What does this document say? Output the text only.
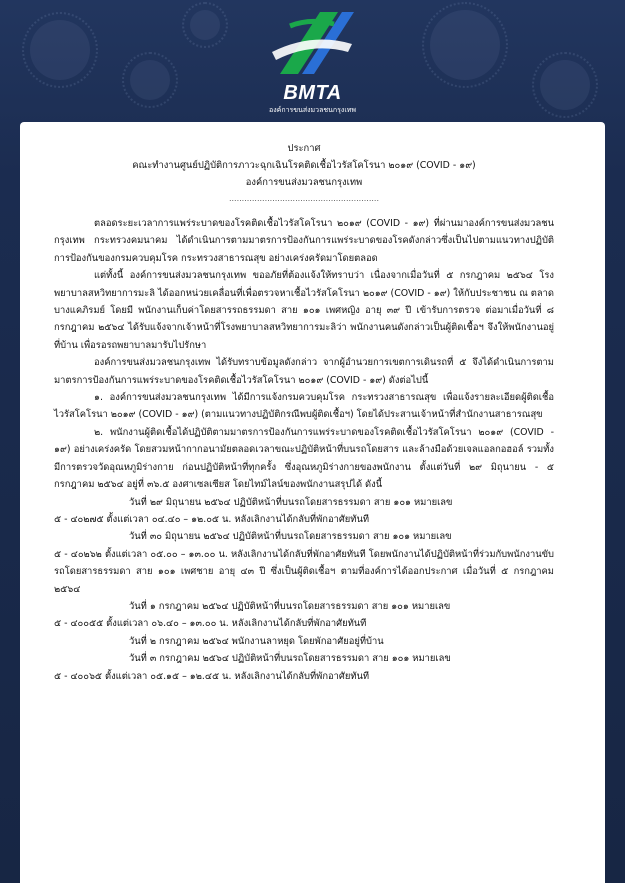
BMTA
องค์การขนส่งมวลชนกรุงเทพ
ประกาศ
คณะทำงานศูนย์ปฏิบัติการภาวะฉุกเฉินโรคติดเชื้อไวรัสโคโรนา ๒๐๑๙ (COVID - ๑๙)
องค์การขนส่งมวลชนกรุงเทพ
...........................................................
ตลอดระยะเวลาการแพร่ระบาดของโรคติดเชื้อไวรัสโคโรนา ๒๐๑๙ (COVID - ๑๙) ที่ผ่านมาองค์การขนส่งมวลชนกรุงเทพ กระทรวงคมนาคม ได้ดำเนินการตามมาตรการป้องกันการแพร่ระบาดของโรคดังกล่าวซึ่งเป็นไปตามแนวทางปฏิบัติการป้องกันของกรมควบคุมโรค กระทรวงสาธารณสุข อย่างเคร่งครัดมาโดยตลอด
แต่ทั้งนี้ องค์การขนส่งมวลชนกรุงเทพ ขออภัยที่ต้องแจ้งให้ทราบว่า เนื่องจากเมื่อวันที่ ๕ กรกฎาคม ๒๕๖๔ โรงพยาบาลสหวิทยาการมะลิ ได้ออกหน่วยเคลื่อนที่เพื่อตรวจหาเชื้อไวรัสโคโรนา ๒๐๑๙ (COVID - ๑๙) ให้กับประชาชน ณ ตลาดบางแคภิรมย์ โดยมี พนักงานเก็บค่าโดยสารรถธรรมดา สาย ๑๐๑ เพศหญิง อายุ ๓๙ ปี เข้ารับการตรวจ ต่อมาเมื่อวันที่ ๘ กรกฎาคม ๒๕๖๔ ได้รับแจ้งจากเจ้าหน้าที่โรงพยาบาลสหวิทยาการมะลิว่า พนักงานคนดังกล่าวเป็นผู้ติดเชื้อฯ จึงให้พนักงานอยู่ที่บ้าน เพื่อรอรถพยาบาลมารับไปรักษา
องค์การขนส่งมวลชนกรุงเทพ ได้รับทราบข้อมูลดังกล่าว จากผู้อำนวยการเขตการเดินรถที่ ๕ จึงได้ดำเนินการตามมาตรการป้องกันการแพร่ระบาดของโรคติดเชื้อไวรัสโคโรนา ๒๐๑๙ (COVID - ๑๙) ดังต่อไปนี้
๑. องค์การขนส่งมวลชนกรุงเทพ ได้มีการแจ้งกรมควบคุมโรค กระทรวงสาธารณสุข เพื่อแจ้งรายละเอียดผู้ติดเชื้อไวรัสโคโรนา ๒๐๑๙ (COVID - ๑๙) (ตามแนวทางปฏิบัติกรณีพบผู้ติดเชื้อฯ) โดยได้ประสานเจ้าหน้าที่สำนักงานสาธารณสุข
๒. พนักงานผู้ติดเชื้อได้ปฏิบัติตามมาตรการป้องกันการแพร่ระบาดของโรคติดเชื้อไวรัสโคโรนา ๒๐๑๙ (COVID - ๑๙) อย่างเคร่งครัด โดยสวมหน้ากากอนามัยตลอดเวลาขณะปฏิบัติหน้าที่บนรถโดยสาร และล้างมือด้วยเจลแอลกอฮอล์ รวมทั้ง มีการตรวจวัดอุณหภูมิร่างกาย ก่อนปฏิบัติหน้าที่ทุกครั้ง ซึ่งอุณหภูมิร่างกายของพนักงาน ตั้งแต่วันที่ ๒๙ มิถุนายน - ๕ กรกฎาคม ๒๕๖๔ อยู่ที่ ๓๖.๕ องศาเซลเซียส โดยไทม์ไลน์ของพนักงานสรุปได้ ดังนี้
วันที่ ๒๙ มิถุนายน ๒๕๖๔ ปฏิบัติหน้าที่บนรถโดยสารธรรมดา สาย ๑๐๑ หมายเลข
๕ - ๔๐๒๗๕ ตั้งแต่เวลา ๐๔.๔๐ – ๑๒.๐๕ น. หลังเลิกงานได้กลับที่พักอาศัยทันที
วันที่ ๓๐ มิถุนายน ๒๕๖๔ ปฏิบัติหน้าที่บนรถโดยสารธรรมดา สาย ๑๐๑ หมายเลข
๕ - ๔๐๒๖๒ ตั้งแต่เวลา ๐๕.๐๐ – ๑๓.๐๐ น. หลังเลิกงานได้กลับที่พักอาศัยทันที โดยพนักงานได้ปฏิบัติหน้าที่ร่วมกับพนักงานขับรถโดยสารธรรมดา สาย ๑๐๑ เพศชาย อายุ ๔๓ ปี ซึ่งเป็นผู้ติดเชื้อฯ ตามที่องค์การได้ออกประกาศ เมื่อวันที่ ๕ กรกฎาคม ๒๕๖๔
วันที่ ๑ กรกฎาคม ๒๕๖๔ ปฏิบัติหน้าที่บนรถโดยสารธรรมดา สาย ๑๐๑ หมายเลข
๕ - ๔๐๐๕๕ ตั้งแต่เวลา ๐๖.๔๐ – ๑๓.๐๐ น. หลังเลิกงานได้กลับที่พักอาศัยทันที
วันที่ ๒ กรกฎาคม ๒๕๖๔ พนักงานลาหยุด โดยพักอาศัยอยู่ที่บ้าน
วันที่ ๓ กรกฎาคม ๒๕๖๔ ปฏิบัติหน้าที่บนรถโดยสารธรรมดา สาย ๑๐๑ หมายเลข
๕ - ๔๐๐๖๕ ตั้งแต่เวลา ๐๕.๑๕ – ๑๒.๔๕ น. หลังเลิกงานได้กลับที่พักอาศัยทันที
